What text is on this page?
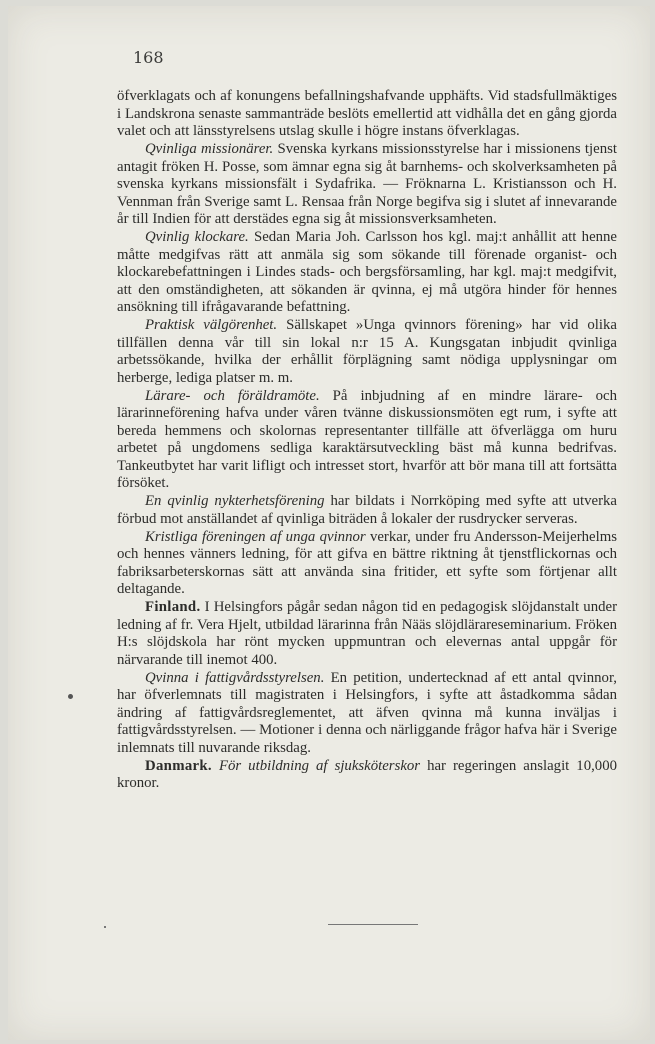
168

öfverklagats och af konungens befallningshafvande upphäfts. Vid stadsfullmäktiges i Landskrona senaste sammanträde beslöts emellertid att vidhålla det en gång gjorda valet och att länsstyrelsens utslag skulle i högre instans öfverklagas.

Qvinliga missionärer. Svenska kyrkans missionsstyrelse har i missionens tjenst antagit fröken H. Posse, som ämnar egna sig åt barnhems- och skolverksamheten på svenska kyrkans missionsfält i Sydafrika. — Fröknarna L. Kristiansson och H. Vennman från Sverige samt L. Rensaa från Norge begifva sig i slutet af innevarande år till Indien för att derstädes egna sig åt missionsverksamheten.

Qvinlig klockare. Sedan Maria Joh. Carlsson hos kgl. maj:t anhållit att henne måtte medgifvas rätt att anmäla sig som sökande till förenade organist- och klockarebefattningen i Lindes stads- och bergsförsamling, har kgl. maj:t medgifvit, att den omständigheten, att sökanden är qvinna, ej må utgöra hinder för hennes ansökning till ifrågavarande befattning.

Praktisk välgörenhet. Sällskapet »Unga qvinnors förening» har vid olika tillfällen denna vår till sin lokal n:r 15 A. Kungsgatan inbjudit qvinliga arbetssökande, hvilka der erhållit förplägning samt nödiga upplysningar om herberge, lediga platser m. m.

Lärare- och föräldramöte. På inbjudning af en mindre lärare- och lärarinneförening hafva under våren tvänne diskussionsmöten egt rum, i syfte att bereda hemmens och skolornas representanter tillfälle att öfverlägga om huru arbetet på ungdomens sedliga karaktärsutveckling bäst må kunna bedrifvas. Tankeutbytet har varit lifligt och intresset stort, hvarför att bör mana till att fortsätta försöket.

En qvinlig nykterhetsförening har bildats i Norrköping med syfte att utverka förbud mot anställandet af qvinliga biträden å lokaler der rusdrycker serveras.

Kristliga föreningen af unga qvinnor verkar, under fru Andersson-Meijerhelms och hennes vänners ledning, för att gifva en bättre riktning åt tjenstflickornas och fabriksarbeterskornas sätt att använda sina fritider, ett syfte som förtjenar allt deltagande.

Finland. I Helsingfors pågår sedan någon tid en pedagogisk slöjdanstalt under ledning af fr. Vera Hjelt, utbildad lärarinna från Nääs slöjdlärareseminarium. Fröken H:s slöjdskola har rönt mycken uppmuntran och elevernas antal uppgår för närvarande till inemot 400.

Qvinna i fattigvårdsstyrelsen. En petition, undertecknad af ett antal qvinnor, har öfverlemnats till magistraten i Helsingfors, i syfte att åstadkomma sådan ändring af fattigvårdsreglementet, att äfven qvinna må kunna inväljas i fattigvårdsstyrelsen. — Motioner i denna och närliggande frågor hafva här i Sverige inlemnats till nuvarande riksdag.

Danmark. För utbildning af sjuksköterskor har regeringen anslagit 10,000 kronor.
